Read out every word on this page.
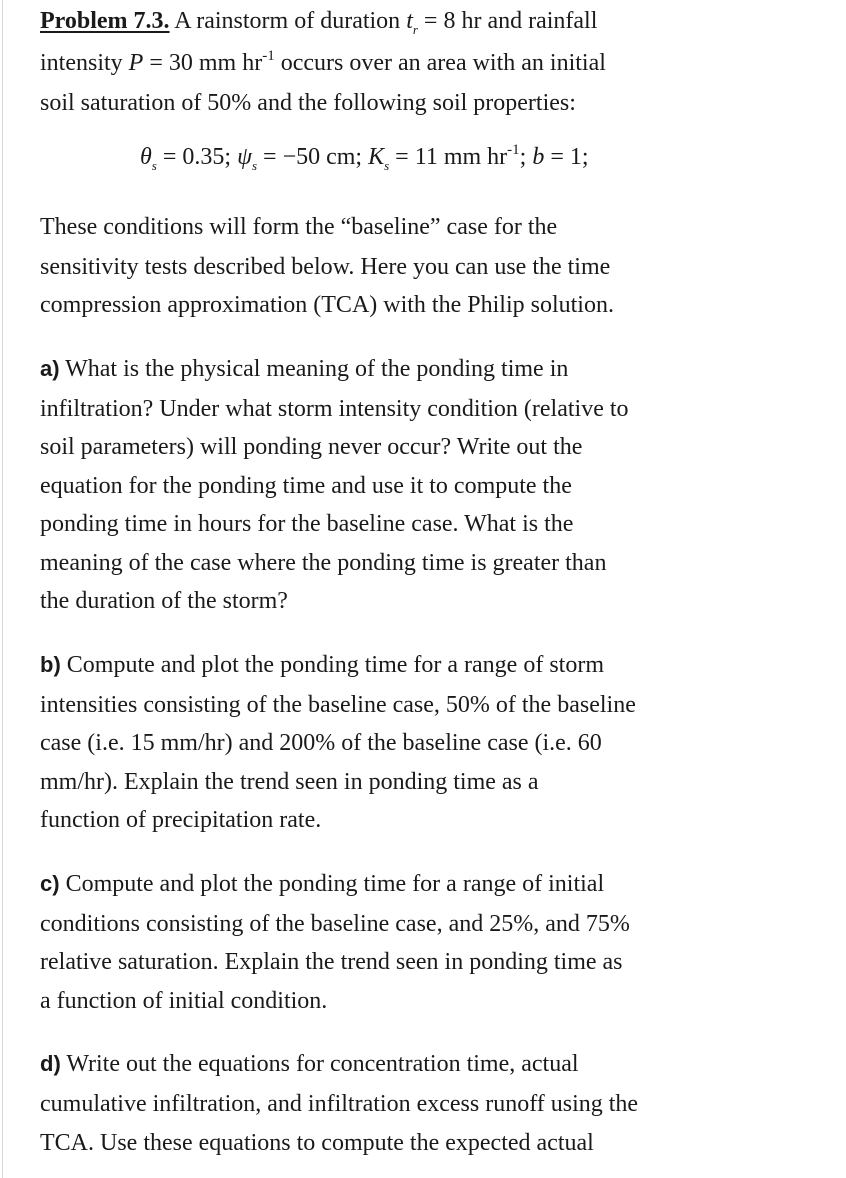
Problem 7.3. A rainstorm of duration $t_r = 8$ hr and rainfall
intensity P = 30 mm $hr^{-1}$ occurs over an area with an initial
soil saturation of 50% and the following soil properties:
$\theta_s = 0.35$; $\psi_s = -50$ cm; $K_s = 11$ mm $hr^{-1}$; b = 1;
These conditions will form the “baseline” case for the
sensitivity tests described below. Here you can use the time
compression approximation (TCA) with the Philip solution.
a) What is the physical meaning of the ponding time in
infiltration? Under what storm intensity condition (relative to
soil parameters) will ponding never occur? Write out the
equation for the ponding time and use it to compute the
ponding time in hours for the baseline case. What is the
meaning of the case where the ponding time is greater than
the duration of the storm?
b) Compute and plot the ponding time for a range of storm
intensities consisting of the baseline case, 50% of the baseline
case (i.e. 15 mm/hr) and 200% of the baseline case (i.e. 60
mm/hr). Explain the trend seen in ponding time as a
function of precipitation rate.
c) Compute and plot the ponding time for a range of initial
conditions consisting of the baseline case, and 25%, and 75%
relative saturation. Explain the trend seen in ponding time as
a function of initial condition.
d) Write out the equations for concentration time, actual
cumulative infiltration, and infiltration excess runoff using the
TCA. Use these equations to compute the expected actual
